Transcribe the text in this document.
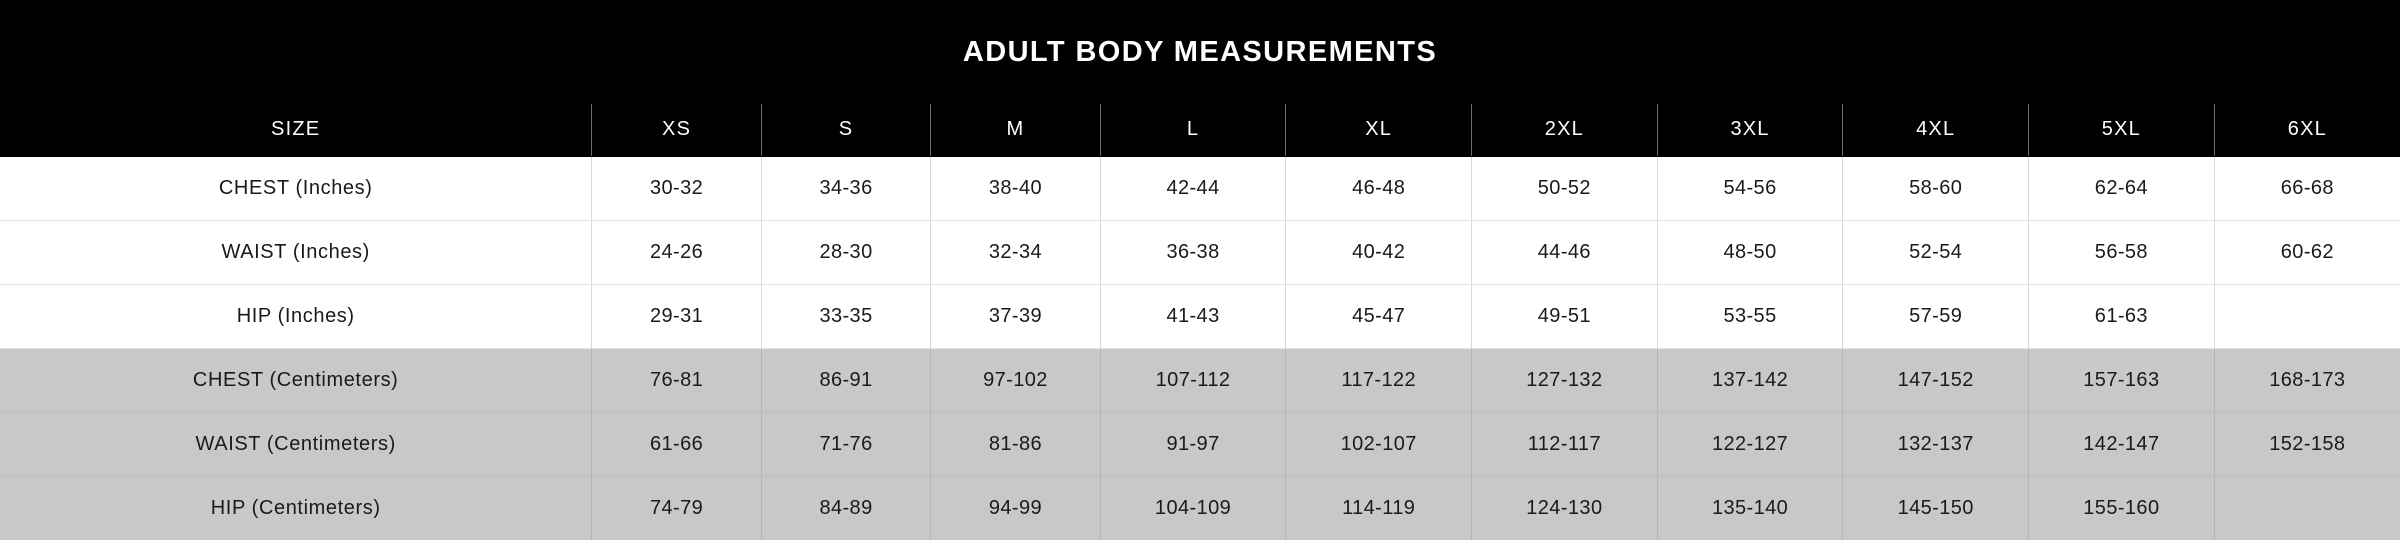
ADULT BODY MEASUREMENTS
SIZE	XS	S	M	L	XL	2XL	3XL	4XL	5XL	6XL
CHEST (Inches)	30-32	34-36	38-40	42-44	46-48	50-52	54-56	58-60	62-64	66-68
WAIST (Inches)	24-26	28-30	32-34	36-38	40-42	44-46	48-50	52-54	56-58	60-62
HIP (Inches)	29-31	33-35	37-39	41-43	45-47	49-51	53-55	57-59	61-63	
CHEST (Centimeters)	76-81	86-91	97-102	107-112	117-122	127-132	137-142	147-152	157-163	168-173
WAIST (Centimeters)	61-66	71-76	81-86	91-97	102-107	112-117	122-127	132-137	142-147	152-158
HIP (Centimeters)	74-79	84-89	94-99	104-109	114-119	124-130	135-140	145-150	155-160	
